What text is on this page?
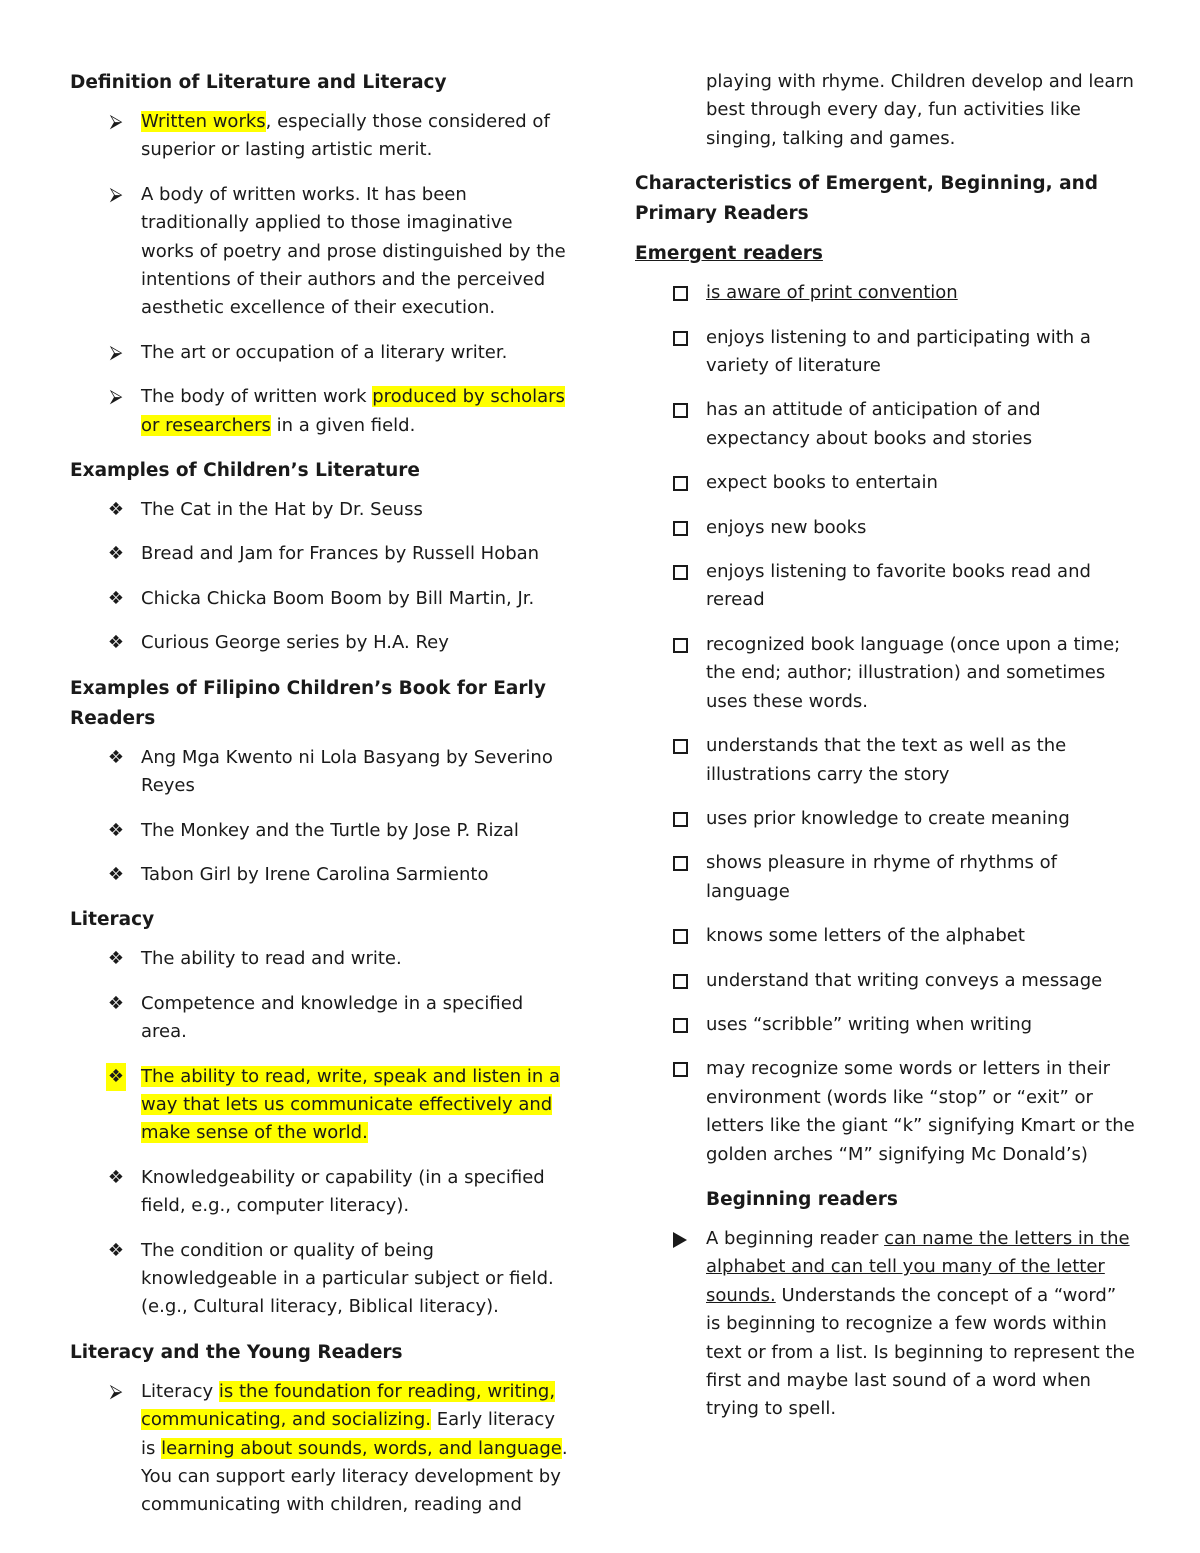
Definition of Literature and Literacy
⮚ Written works, especially those considered of superior or lasting artistic merit.
⮚ A body of written works. It has been traditionally applied to those imaginative works of poetry and prose distinguished by the intentions of their authors and the perceived aesthetic excellence of their execution.
⮚ The art or occupation of a literary writer.
⮚ The body of written work produced by scholars or researchers in a given field.
Examples of Children’s Literature
❖ The Cat in the Hat by Dr. Seuss
❖ Bread and Jam for Frances by Russell Hoban
❖ Chicka Chicka Boom Boom by Bill Martin, Jr.
❖ Curious George series by H.A. Rey
Examples of Filipino Children’s Book for Early Readers
❖ Ang Mga Kwento ni Lola Basyang by Severino Reyes
❖ The Monkey and the Turtle by Jose P. Rizal
❖ Tabon Girl by Irene Carolina Sarmiento
Literacy
❖ The ability to read and write.
❖ Competence and knowledge in a specified area.
❖ The ability to read, write, speak and listen in a way that lets us communicate effectively and make sense of the world.
❖ Knowledgeability or capability (in a specified field, e.g., computer literacy).
❖ The condition or quality of being knowledgeable in a particular subject or field. (e.g., Cultural literacy, Biblical literacy).
Literacy and the Young Readers
⮚ Literacy is the foundation for reading, writing, communicating, and socializing. Early literacy is learning about sounds, words, and language. You can support early literacy development by communicating with children, reading and
playing with rhyme. Children develop and learn best through every day, fun activities like singing, talking and games.
Characteristics of Emergent, Beginning, and Primary Readers
Emergent readers
is aware of print convention
enjoys listening to and participating with a variety of literature
has an attitude of anticipation of and expectancy about books and stories
expect books to entertain
enjoys new books
enjoys listening to favorite books read and reread
recognized book language (once upon a time; the end; author; illustration) and sometimes uses these words.
understands that the text as well as the illustrations carry the story
uses prior knowledge to create meaning
shows pleasure in rhyme of rhythms of language
knows some letters of the alphabet
understand that writing conveys a message
uses “scribble” writing when writing
may recognize some words or letters in their environment (words like “stop” or “exit” or letters like the giant “k” signifying Kmart or the golden arches “M” signifying Mc Donald’s)
Beginning readers
A beginning reader can name the letters in the alphabet and can tell you many of the letter sounds. Understands the concept of a “word” is beginning to recognize a few words within text or from a list. Is beginning to represent the first and maybe last sound of a word when trying to spell.
